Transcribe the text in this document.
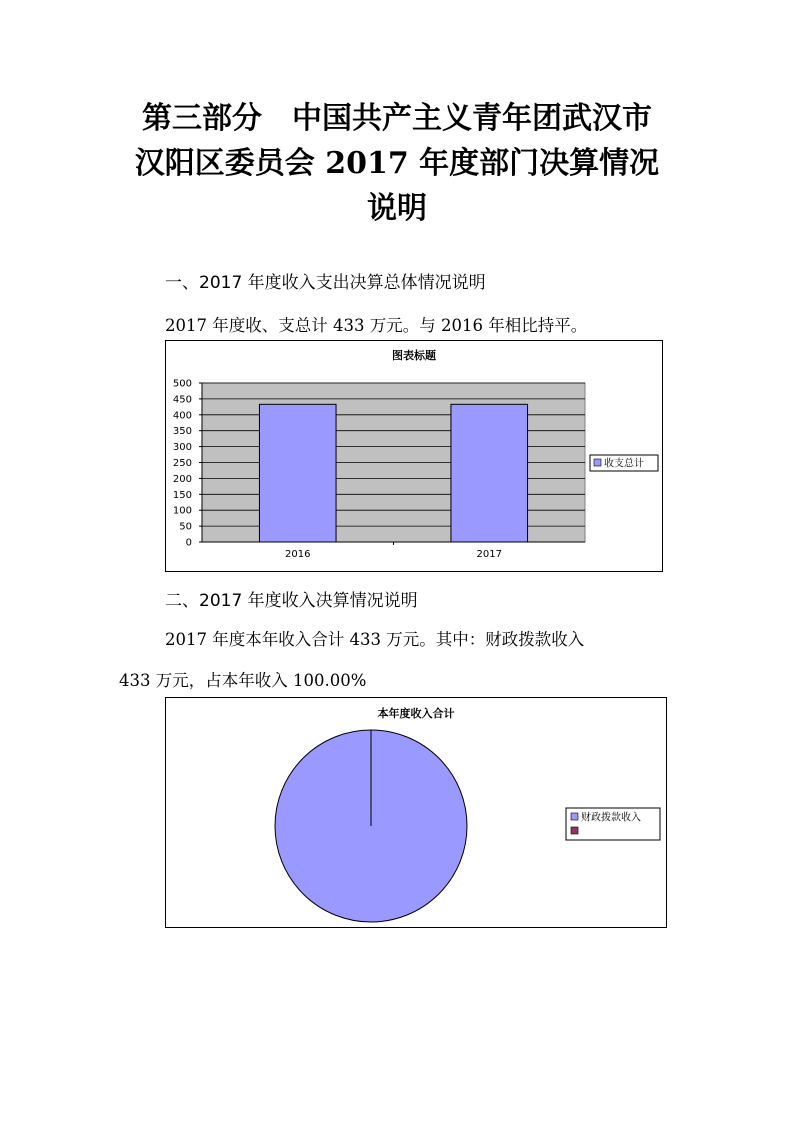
第三部分　中国共产主义青年团武汉市
汉阳区委员会 2017 年度部门决算情况
说明
一、2017 年度收入支出决算总体情况说明
2017 年度收、支总计 433 万元。与 2016 年相比持平。
图表标题
0
50
100
150
200
250
300
350
400
450
500
2016	2017
收支总计
二、2017 年度收入决算情况说明
2017 年度本年收入合计 433 万元。其中：财政拨款收入
433 万元，占本年收入 100.00%
本年度收入合计
财政拨款收入
